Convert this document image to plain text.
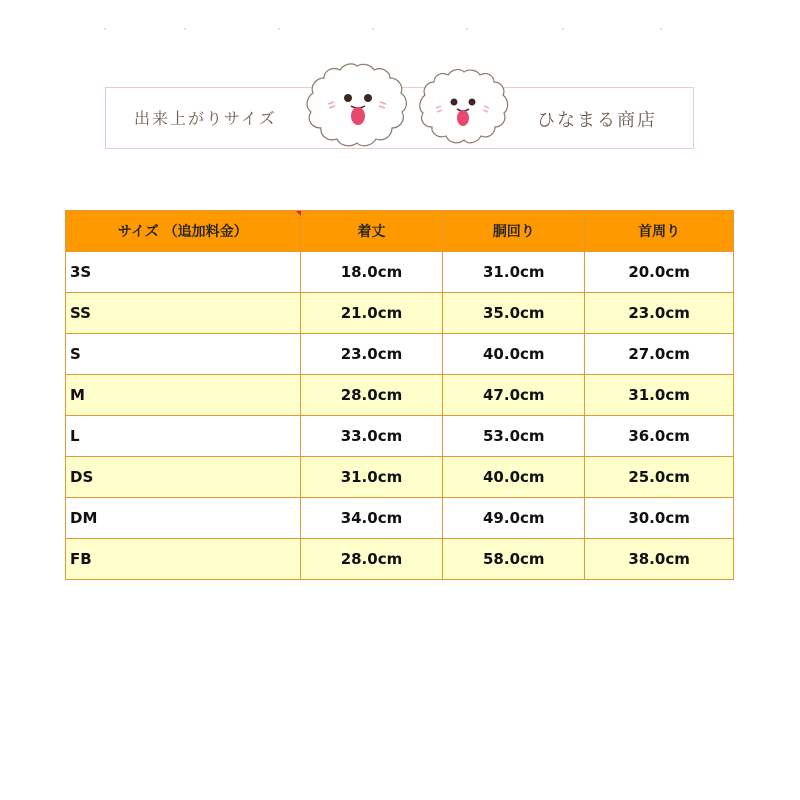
出来上がりサイズ	ひなまる商店
サイズ （追加料金）	着丈	胴回り	首周り
3S	18.0cm	31.0cm	20.0cm
SS	21.0cm	35.0cm	23.0cm
S	23.0cm	40.0cm	27.0cm
M	28.0cm	47.0cm	31.0cm
L	33.0cm	53.0cm	36.0cm
DS	31.0cm	40.0cm	25.0cm
DM	34.0cm	49.0cm	30.0cm
FB	28.0cm	58.0cm	38.0cm
